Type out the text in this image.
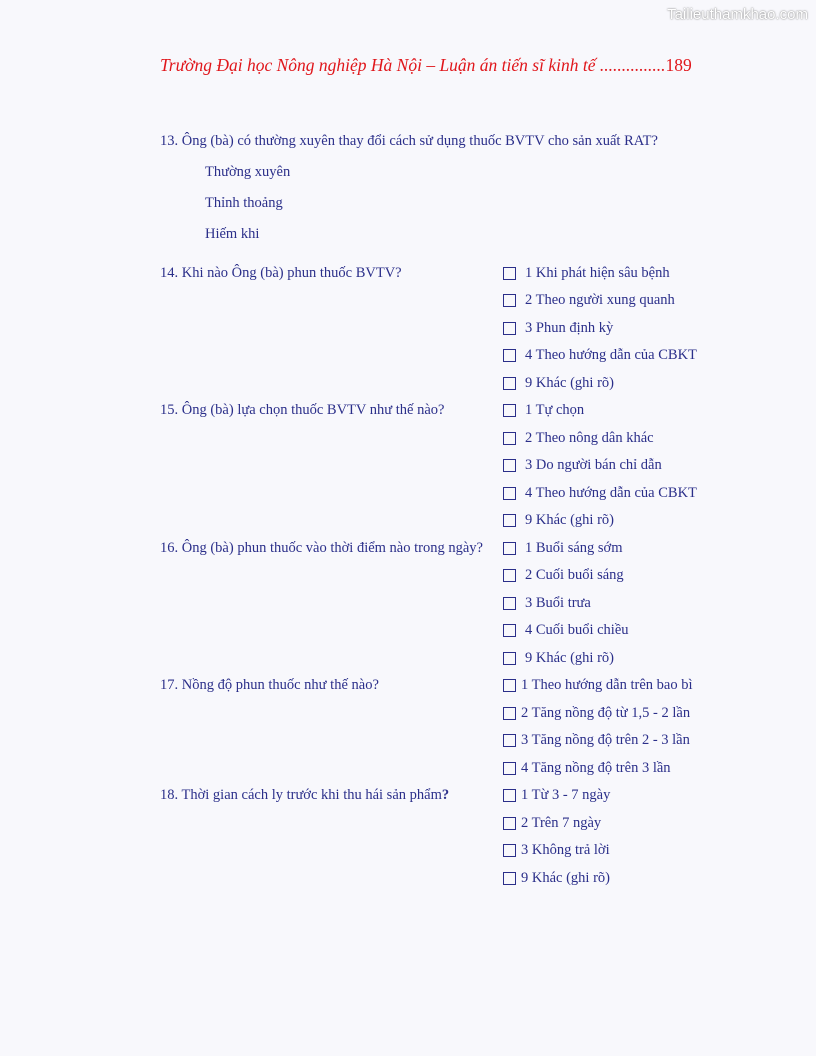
Tailieuthamkhao.com
Trường Đại học Nông nghiệp Hà Nội – Luận án tiến sĩ kinh tế ...............189
13. Ông (bà) có thường xuyên thay đổi cách sử dụng thuốc BVTV cho sản xuất RAT?
Thường xuyên
Thỉnh thoảng
Hiếm khi
14. Khi nào Ông (bà) phun thuốc BVTV?	1 Khi phát hiện sâu bệnh
2 Theo người xung quanh
3 Phun định kỳ
4 Theo hướng dẫn của CBKT
9 Khác (ghi rõ)
15. Ông (bà) lựa chọn thuốc BVTV như thế nào?	1 Tự chọn
2 Theo nông dân khác
3 Do người bán chỉ dẫn
4 Theo hướng dẫn của CBKT
9 Khác (ghi rõ)
16. Ông (bà) phun thuốc vào thời điểm nào trong ngày?	1 Buổi sáng sớm
2 Cuối buổi sáng
3 Buổi trưa
4 Cuối buổi chiều
9 Khác (ghi rõ)
17. Nồng độ phun thuốc như thế nào?	1 Theo hướng dẫn trên bao bì
2 Tăng nồng độ từ 1,5 - 2 lần
3 Tăng nồng độ trên 2 - 3 lần
4 Tăng nồng độ trên 3 lần
18. Thời gian cách ly trước khi thu hái sản phẩm?	1 Từ 3 - 7 ngày
2 Trên 7 ngày
3 Không trả lời
9 Khác (ghi rõ)
